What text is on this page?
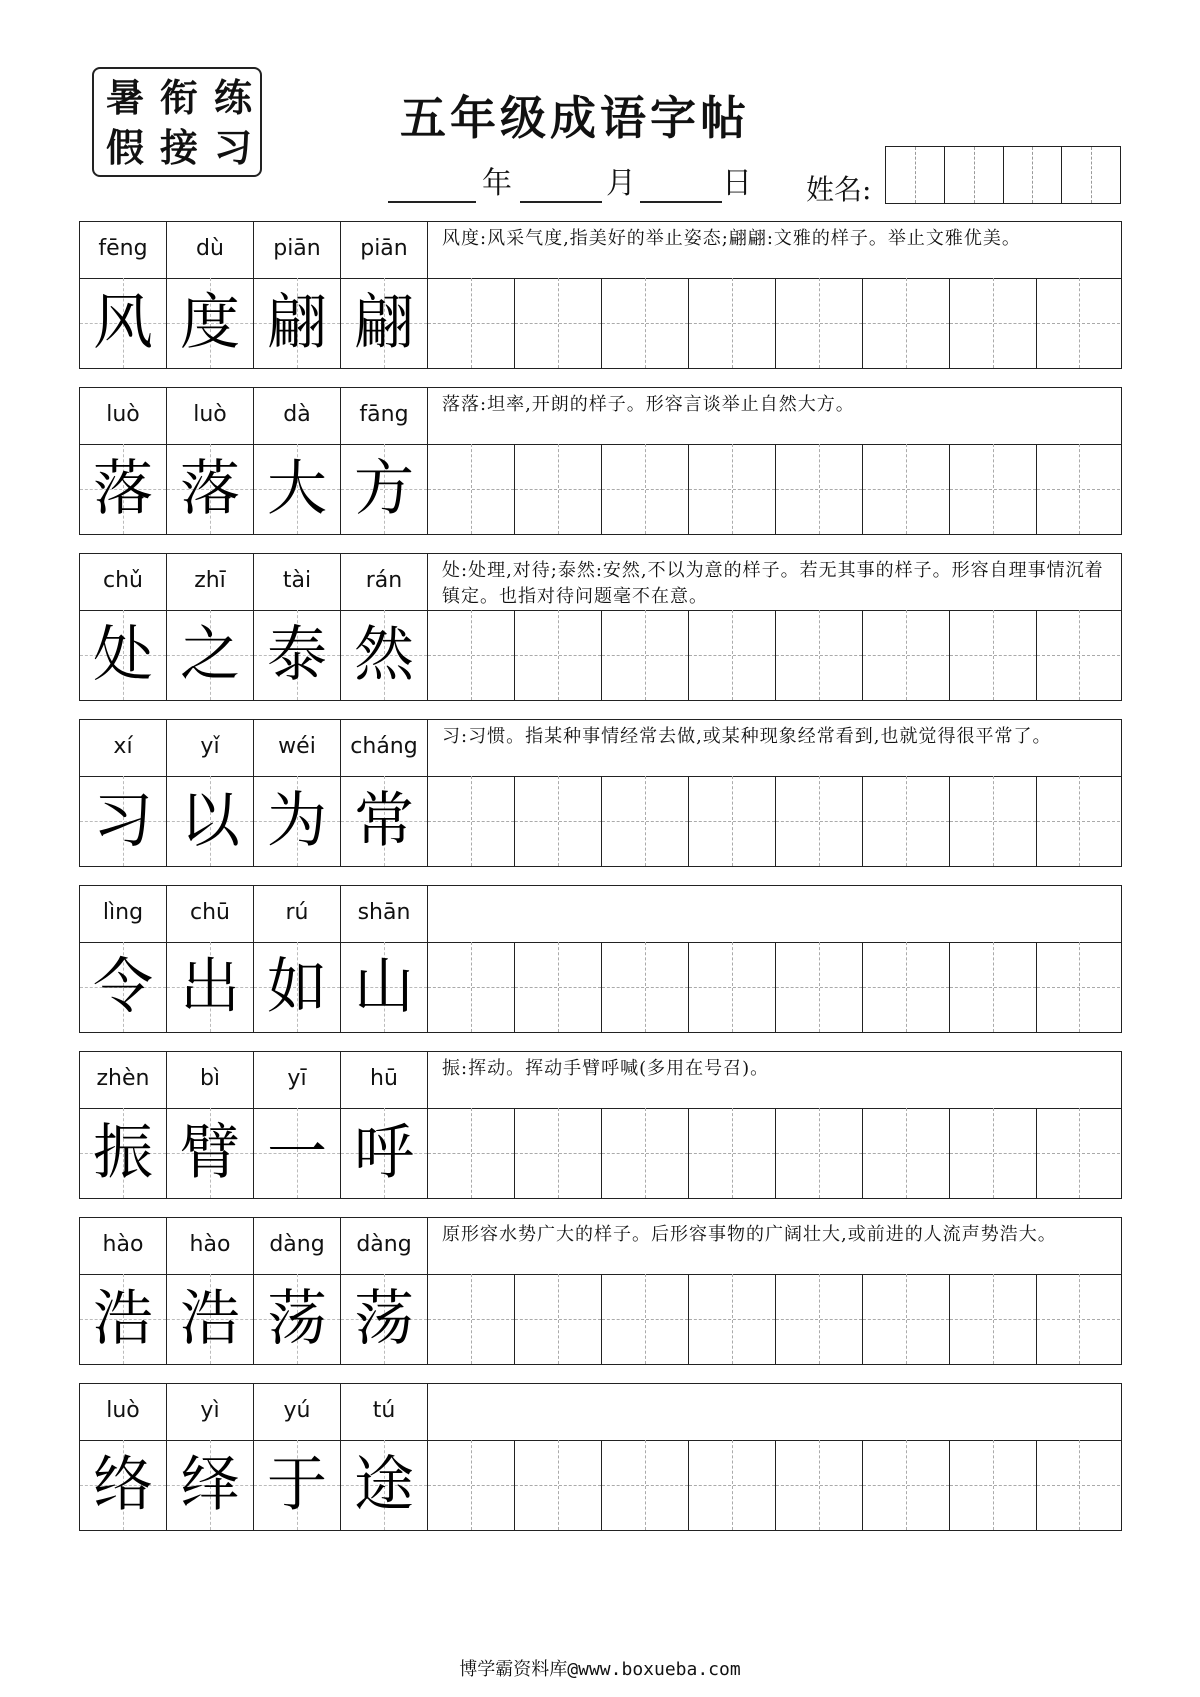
暑 衔 练
假 接 习
五年级成语字帖
年	月	日 姓名:
fēng	dù	piān	piān	风度:风采气度,指美好的举止姿态;翩翩:文雅的样子。举止文雅优美。
风 度 翩 翩
luò	luò	dà	fāng	落落:坦率,开朗的样子。形容言谈举止自然大方。
落 落 大 方
chǔ	zhī	tài	rán	处:处理,对待;泰然:安然,不以为意的样子。若无其事的样子。形容自理事情沉着镇定。也指对待问题毫不在意。
处 之 泰 然
xí	yǐ	wéi	cháng	习:习惯。指某种事情经常去做,或某种现象经常看到,也就觉得很平常了。
习 以 为 常
lìng	chū	rú	shān
令 出 如 山
zhèn	bì	yī	hū	振:挥动。挥动手臂呼喊(多用在号召)。
振 臂 一 呼
hào	hào	dàng	dàng	原形容水势广大的样子。后形容事物的广阔壮大,或前进的人流声势浩大。
浩 浩 荡 荡
luò	yì	yú	tú
络 绎 于 途
博学霸资料库@www.boxueba.com
